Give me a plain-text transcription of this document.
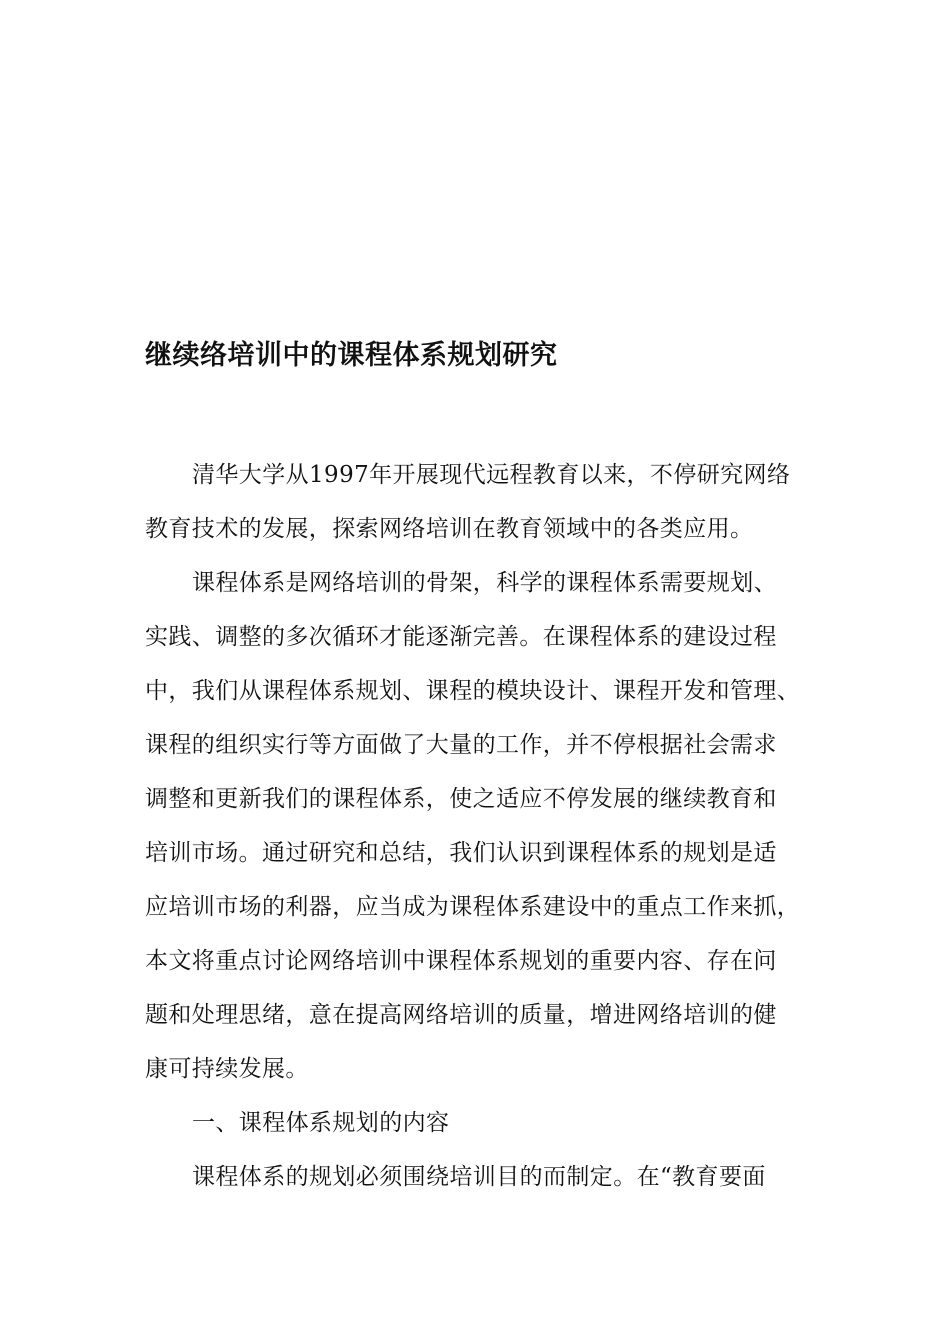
继续络培训中的课程体系规划研究
清华大学从1997年开展现代远程教育以来，不停研究网络
教育技术的发展，探索网络培训在教育领域中的各类应用。
课程体系是网络培训的骨架，科学的课程体系需要规划、
实践、调整的多次循环才能逐渐完善。在课程体系的建设过程
中，我们从课程体系规划、课程的模块设计、课程开发和管理、
课程的组织实行等方面做了大量的工作，并不停根据社会需求
调整和更新我们的课程体系，使之适应不停发展的继续教育和
培训市场。通过研究和总结，我们认识到课程体系的规划是适
应培训市场的利器，应当成为课程体系建设中的重点工作来抓，
本文将重点讨论网络培训中课程体系规划的重要内容、存在问
题和处理思绪，意在提高网络培训的质量，增进网络培训的健
康可持续发展。
一、课程体系规划的内容
课程体系的规划必须围绕培训目的而制定。在“教育要面
